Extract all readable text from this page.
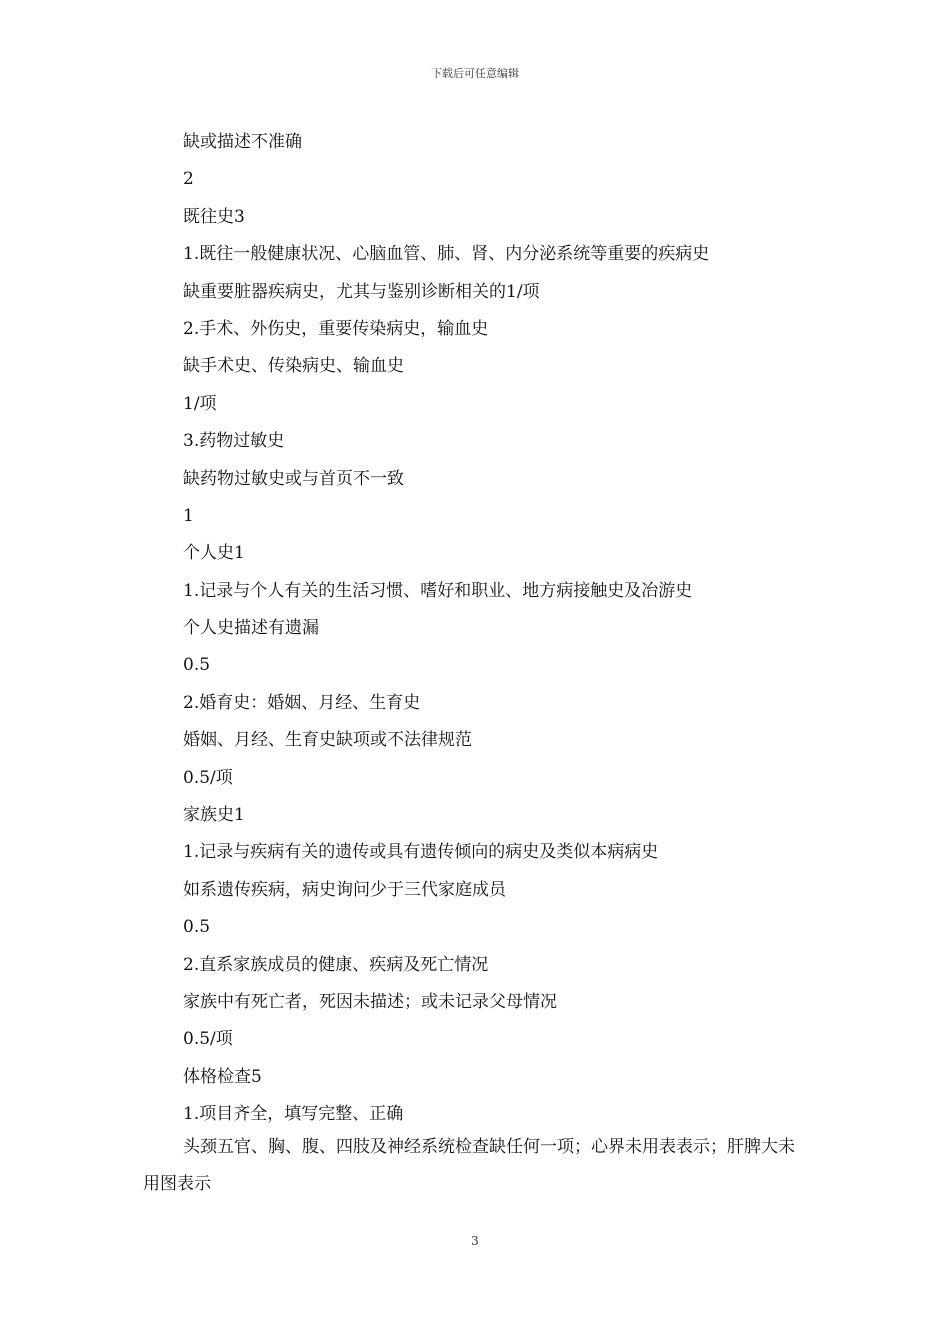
下载后可任意编辑
缺或描述不准确
2
既往史3
1.既往一般健康状况、心脑血管、肺、肾、内分泌系统等重要的疾病史
缺重要脏器疾病史，尤其与鉴别诊断相关的1/项
2.手术、外伤史，重要传染病史，输血史
缺手术史、传染病史、输血史
1/项
3.药物过敏史
缺药物过敏史或与首页不一致
1
个人史1
1.记录与个人有关的生活习惯、嗜好和职业、地方病接触史及冶游史
个人史描述有遗漏
0.5
2.婚育史：婚姻、月经、生育史
婚姻、月经、生育史缺项或不法律规范
0.5/项
家族史1
1.记录与疾病有关的遗传或具有遗传倾向的病史及类似本病病史
如系遗传疾病，病史询问少于三代家庭成员
0.5
2.直系家族成员的健康、疾病及死亡情况
家族中有死亡者，死因未描述；或未记录父母情况
0.5/项
体格检查5
1.项目齐全，填写完整、正确
头颈五官、胸、腹、四肢及神经系统检查缺任何一项；心界未用表表示；肝脾大未用图表示
3
